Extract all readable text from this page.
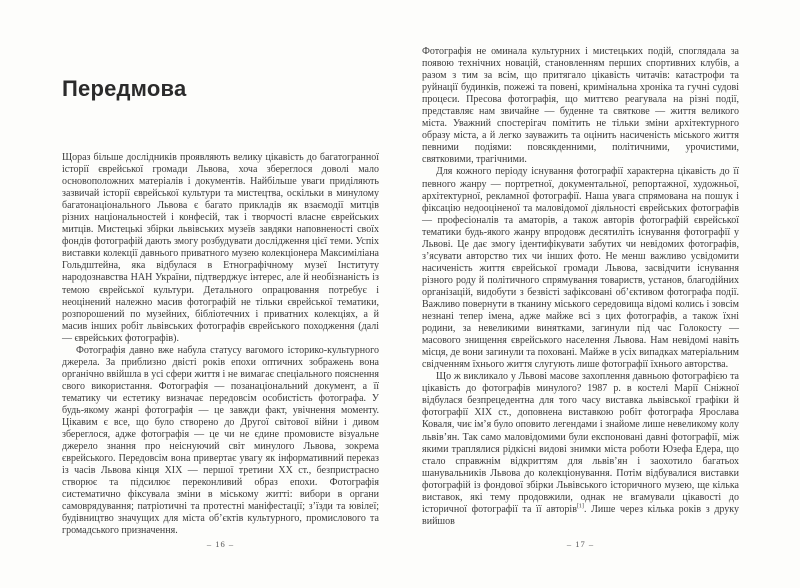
Передмова

Щораз більше дослідників проявляють велику цікавість до багатогранної історії єврейської громади Львова, хоча збереглося доволі мало основоположних матеріалів і документів. Найбільше уваги приділяють зазвичай історії єврейської культури та мистецтва, оскільки в минулому багатонаціонального Львова є багато прикладів як взаємодії митців різних національностей і конфесій, так і творчості власне єврейських митців. Мистецькі збірки львівських музеїв завдяки наповненості своїх фондів фотографій дають змогу розбудувати дослідження цієї теми. Успіх виставки колекції давнього приватного музею колекціонера Максиміліана Гольдштейна, яка відбулася в Етнографічному музеї Інституту народознавства НАН України, підтверджує інтерес, але й необізнаність із темою єврейської культури. Детального опрацювання потребує і неоцінений належно масив фотографій не тільки єврейської тематики, розпорошений по музейних, бібліотечних і приватних колекціях, а й масив інших робіт львівських фотографів єврейського походження (далі — єврейських фотографів).

Фотографія давно вже набула статусу вагомого історико-культурного джерела. За приблизно двісті років епохи оптичних зображень вона органічно ввійшла в усі сфери життя і не вимагає спеціального пояснення свого використання. Фотографія — позанаціональний документ, а її тематику чи естетику визначає передовсім особистість фотографа. У будь-якому жанрі фотографія — це завжди факт, увічнення моменту. Цікавим є все, що було створено до Другої світової війни і дивом збереглося, адже фотографія — це чи не єдине промовисте візуальне джерело знання про неіснуючий світ минулого Львова, зокрема єврейського. Передовсім вона привертає увагу як інформативний переказ із часів Львова кінця XIX — першої третини XX ст., безпристрасно створює та підсилює переконливий образ епохи. Фотографія систематично фіксувала зміни в міському житті: вибори в органи самоврядування; патріотичні та протестні маніфестації; з’їзди та ювілеї; будівництво значущих для міста об’єктів культурного, промислового та громадського призначення.

– 16 –

Фотографія не оминала культурних і мистецьких подій, споглядала за появою технічних новацій, становленням перших спортивних клубів, а разом з тим за всім, що притягало цікавість читачів: катастрофи та руйнації будинків, пожежі та повені, кримінальна хроніка та гучні судові процеси. Пресова фотографія, що миттєво реагувала на різні події, представляє нам звичайне — буденне та святкове — життя великого міста. Уважний спостерігач помітить не тільки зміни архітектурного образу міста, а й легко зауважить та оцінить насиченість міського життя певними подіями: повсякденними, політичними, урочистими, святковими, трагічними.

Для кожного періоду існування фотографії характерна цікавість до її певного жанру — портретної, документальної, репортажної, художньої, архітектурної, рекламної фотографії. Наша увага спрямована на пошук і фіксацію недооціненої та маловідомої діяльності єврейських фотографів — професіоналів та аматорів, а також авторів фотографій єврейської тематики будь-якого жанру впродовж десятиліть існування фотографії у Львові. Це дає змогу ідентифікувати забутих чи невідомих фотографів, з’ясувати авторство тих чи інших фото. Не менш важливо усвідомити насиченість життя єврейської громади Львова, засвідчити існування різного роду й політичного спрямування товариств, установ, благодійних організацій, видобути з безвісті зафіксовані об’єктивом фотографа події. Важливо повернути в тканину міського середовища відомі колись і зовсім незнані тепер імена, адже майже всі з цих фотографів, а також їхні родини, за невеликими винятками, загинули під час Голокосту — масового знищення єврейського населення Львова. Нам невідомі навіть місця, де вони загинули та поховані. Майже в усіх випадках матеріальним свідченням їхнього життя слугують лише фотографії їхнього авторства.

Що ж викликало у Львові масове захоплення давньою фотографією та цікавість до фотографів минулого? 1987 р. в костелі Марії Сніжної відбулася безпрецедентна для того часу виставка львівської графіки й фотографії XIX ст., доповнена виставкою робіт фотографа Ярослава Коваля, чиє ім’я було оповито легендами і знайоме лише невеликому колу львів’ян. Так само маловідомими були експоновані давні фотографії, між якими траплялися рідкісні видові знимки міста роботи Юзефа Едера, що стало справжнім відкриттям для львів’ян і заохотило багатьох шанувальників Львова до колекціонування. Потім відбувалися виставки фотографій із фондової збірки Львівського історичного музею, ще кілька виставок, які тему продовжили, однак не вгамували цікавості до історичної фотографії та її авторів[1]. Лише через кілька років з друку вийшов

– 17 –
